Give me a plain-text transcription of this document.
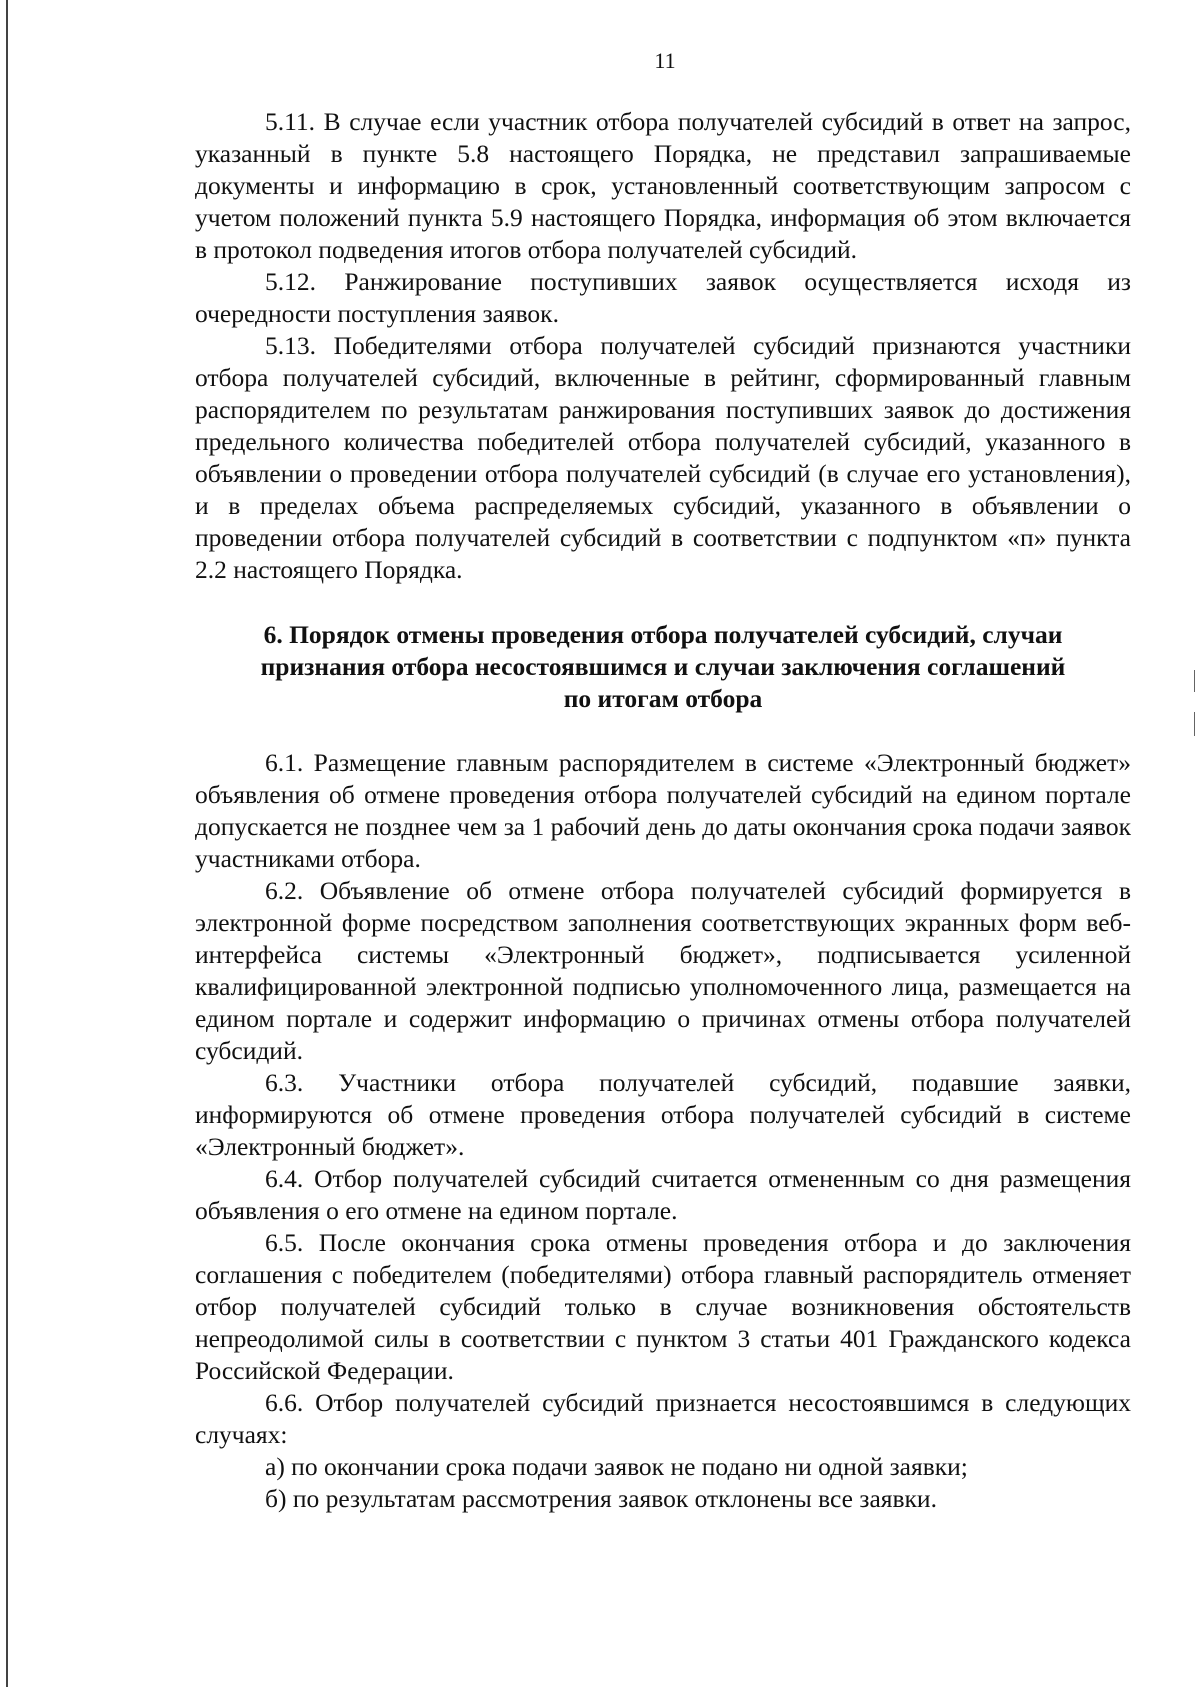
11

5.11. В случае если участник отбора получателей субсидий в ответ на запрос, указанный в пункте 5.8 настоящего Порядка, не представил запрашиваемые документы и информацию в срок, установленный соответствующим запросом с учетом положений пункта 5.9 настоящего Порядка, информация об этом включается в протокол подведения итогов отбора получателей субсидий.

5.12. Ранжирование поступивших заявок осуществляется исходя из очередности поступления заявок.

5.13. Победителями отбора получателей субсидий признаются участники отбора получателей субсидий, включенные в рейтинг, сформированный главным распорядителем по результатам ранжирования поступивших заявок до достижения предельного количества победителей отбора получателей субсидий, указанного в объявлении о проведении отбора получателей субсидий (в случае его установления), и в пределах объема распределяемых субсидий, указанного в объявлении о проведении отбора получателей субсидий в соответствии с подпунктом «п» пункта 2.2 настоящего Порядка.

6. Порядок отмены проведения отбора получателей субсидий, случаи

признания отбора несостоявшимся и случаи заключения соглашений

по итогам отбора

6.1. Размещение главным распорядителем в системе «Электронный бюджет» объявления об отмене проведения отбора получателей субсидий на едином портале допускается не позднее чем за 1 рабочий день до даты окончания срока подачи заявок участниками отбора.

6.2. Объявление об отмене отбора получателей субсидий формируется в электронной форме посредством заполнения соответствующих экранных форм веб-интерфейса системы «Электронный бюджет», подписывается усиленной квалифицированной электронной подписью уполномоченного лица, размещается на едином портале и содержит информацию о причинах отмены отбора получателей субсидий.

6.3. Участники отбора получателей субсидий, подавшие заявки, информируются об отмене проведения отбора получателей субсидий в системе «Электронный бюджет».

6.4. Отбор получателей субсидий считается отмененным со дня размещения объявления о его отмене на едином портале.

6.5. После окончания срока отмены проведения отбора и до заключения соглашения с победителем (победителями) отбора главный распорядитель отменяет отбор получателей субсидий только в случае возникновения обстоятельств непреодолимой силы в соответствии с пунктом 3 статьи 401 Гражданского кодекса Российской Федерации.

6.6. Отбор получателей субсидий признается несостоявшимся в следующих случаях:

а) по окончании срока подачи заявок не подано ни одной заявки;

б) по результатам рассмотрения заявок отклонены все заявки.
